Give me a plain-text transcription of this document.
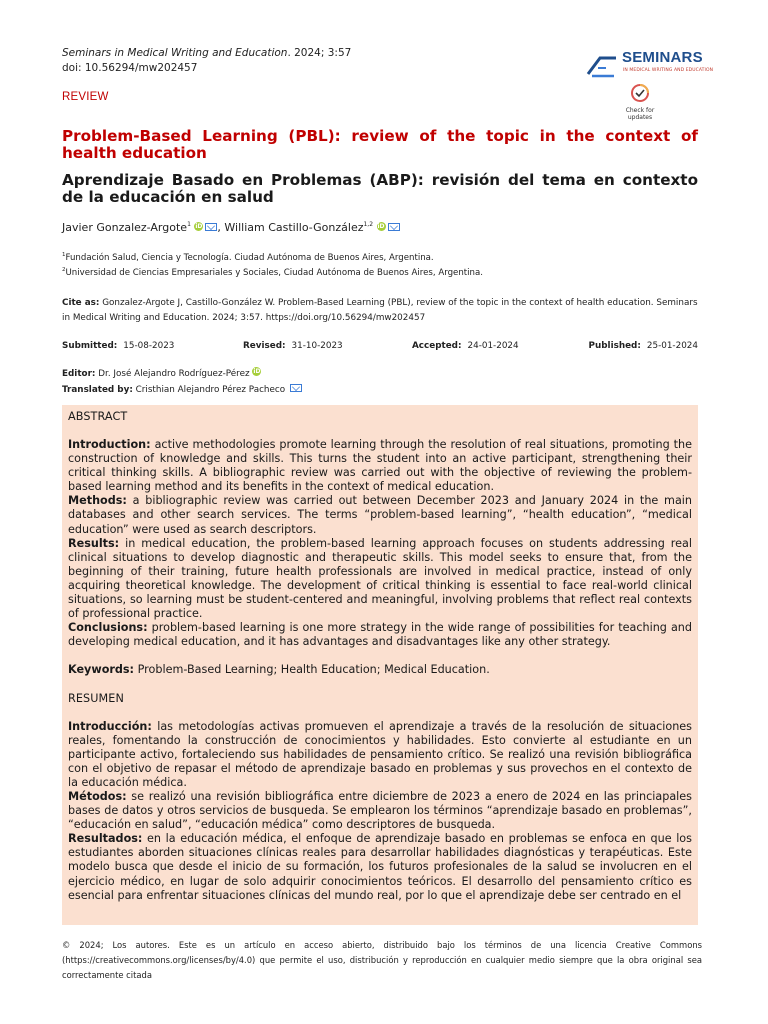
Seminars in Medical Writing and Education. 2024; 3:57
doi: 10.56294/mw202457
SEMINARS
IN MEDICAL WRITING AND EDUCATION
Check for updates
REVIEW
Problem-Based Learning (PBL): review of the topic in the context of health education
Aprendizaje Basado en Problemas (ABP): revisión del tema en contexto de la educación en salud
Javier Gonzalez-Argote$^1$ iD , William Castillo-González$^{1,2}$ iD
$^1$Fundación Salud, Ciencia y Tecnología. Ciudad Autónoma de Buenos Aires, Argentina.
$^2$Universidad de Ciencias Empresariales y Sociales, Ciudad Autónoma de Buenos Aires, Argentina.
Cite as: Gonzalez-Argote J, Castillo-González W. Problem-Based Learning (PBL), review of the topic in the context of health education. Seminars in Medical Writing and Education. 2024; 3:57. https://doi.org/10.56294/mw202457
Submitted: 15-08-2023	Revised: 31-10-2023	Accepted: 24-01-2024	Published: 25-01-2024
Editor: Dr. José Alejandro Rodríguez-Pérez iD
Translated by: Cristhian Alejandro Pérez Pacheco
ABSTRACT

Introduction: active methodologies promote learning through the resolution of real situations, promoting the construction of knowledge and skills. This turns the student into an active participant, strengthening their critical thinking skills. A bibliographic review was carried out with the objective of reviewing the problem-based learning method and its benefits in the context of medical education.

Methods: a bibliographic review was carried out between December 2023 and January 2024 in the main databases and other search services. The terms “problem-based learning”, “health education”, “medical education” were used as search descriptors.

Results: in medical education, the problem-based learning approach focuses on students addressing real clinical situations to develop diagnostic and therapeutic skills. This model seeks to ensure that, from the beginning of their training, future health professionals are involved in medical practice, instead of only acquiring theoretical knowledge. The development of critical thinking is essential to face real-world clinical situations, so learning must be student-centered and meaningful, involving problems that reflect real contexts of professional practice.

Conclusions: problem-based learning is one more strategy in the wide range of possibilities for teaching and developing medical education, and it has advantages and disadvantages like any other strategy.

Keywords: Problem-Based Learning; Health Education; Medical Education.

RESUMEN

Introducción: las metodologías activas promueven el aprendizaje a través de la resolución de situaciones reales, fomentando la construcción de conocimientos y habilidades. Esto convierte al estudiante en un participante activo, fortaleciendo sus habilidades de pensamiento crítico. Se realizó una revisión bibliográfica con el objetivo de repasar el método de aprendizaje basado en problemas y sus provechos en el contexto de la educación médica.

Métodos: se realizó una revisión bibliográfica entre diciembre de 2023 a enero de 2024 en las princiapales bases de datos y otros servicios de busqueda. Se emplearon los términos “aprendizaje basado en problemas”, “educación en salud”, “educación médica” como descriptores de busqueda.

Resultados: en la educación médica, el enfoque de aprendizaje basado en problemas se enfoca en que los estudiantes aborden situaciones clínicas reales para desarrollar habilidades diagnósticas y terapéuticas. Este modelo busca que desde el inicio de su formación, los futuros profesionales de la salud se involucren en el ejercicio médico, en lugar de solo adquirir conocimientos teóricos. El desarrollo del pensamiento crítico es esencial para enfrentar situaciones clínicas del mundo real, por lo que el aprendizaje debe ser centrado en el

© 2024; Los autores. Este es un artículo en acceso abierto, distribuido bajo los términos de una licencia Creative Commons (https://creativecommons.org/licenses/by/4.0) que permite el uso, distribución y reproducción en cualquier medio siempre que la obra original sea correctamente citada
